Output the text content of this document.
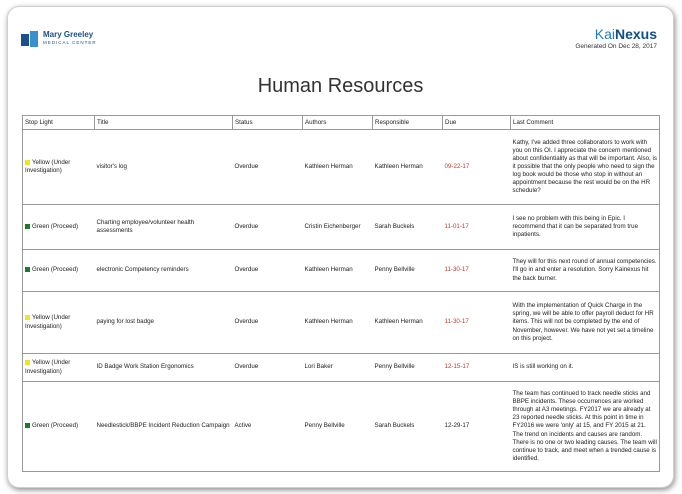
Mary Greeley
MEDICAL CENTER
KaiNexus
Generated On Dec 28, 2017
Human Resources
Stop Light	Title	Status	Authors	Responsible	Due	Last Comment
Yellow (Under Investigation)	visitor's log	Overdue	Kathleen Herman	Kathleen Herman	09-22-17	Kathy, I've added three collaborators to work with you on this OI. I appreciate the concern mentioned about confidentiality as that will be important. Also, is it possible that the only people who need to sign the log book would be those who stop in without an appointment because the rest would be on the HR schedule?
Green (Proceed)	Charting employee/volunteer health assessments	Overdue	Cristin Eichenberger	Sarah Buckels	11-01-17	I see no problem with this being in Epic. I recommend that it can be separated from true inpatients.
Green (Proceed)	electronic Competency reminders	Overdue	Kathleen Herman	Penny Bellville	11-30-17	They will for this next round of annual competencies. I'll go in and enter a resolution. Sorry Kainexus hit the back burner.
Yellow (Under Investigation)	paying for lost badge	Overdue	Kathleen Herman	Kathleen Herman	11-30-17	With the implementation of Quick Charge in the spring, we will be able to offer payroll deduct for HR items. This will not be completed by the end of November, however. We have not yet set a timeline on this project.
Yellow (Under Investigation)	ID Badge Work Station Ergonomics	Overdue	Lori Baker	Penny Bellville	12-15-17	IS is still working on it.
Green (Proceed)	Needlestick/BBPE Incident Reduction Campaign	Active	Penny Bellville	Sarah Buckels	12-29-17	The team has continued to track needle sticks and BBPE incidents. These occurrences are worked through at A3 meetings. FY2017 we are already at 23 reported needle sticks. At this point in time in FY2016 we were 'only' at 15, and FY 2015 at 21. The trend on incidents and causes are random. There is no one or two leading causes. The team will continue to track, and meet when a trended cause is identified.
